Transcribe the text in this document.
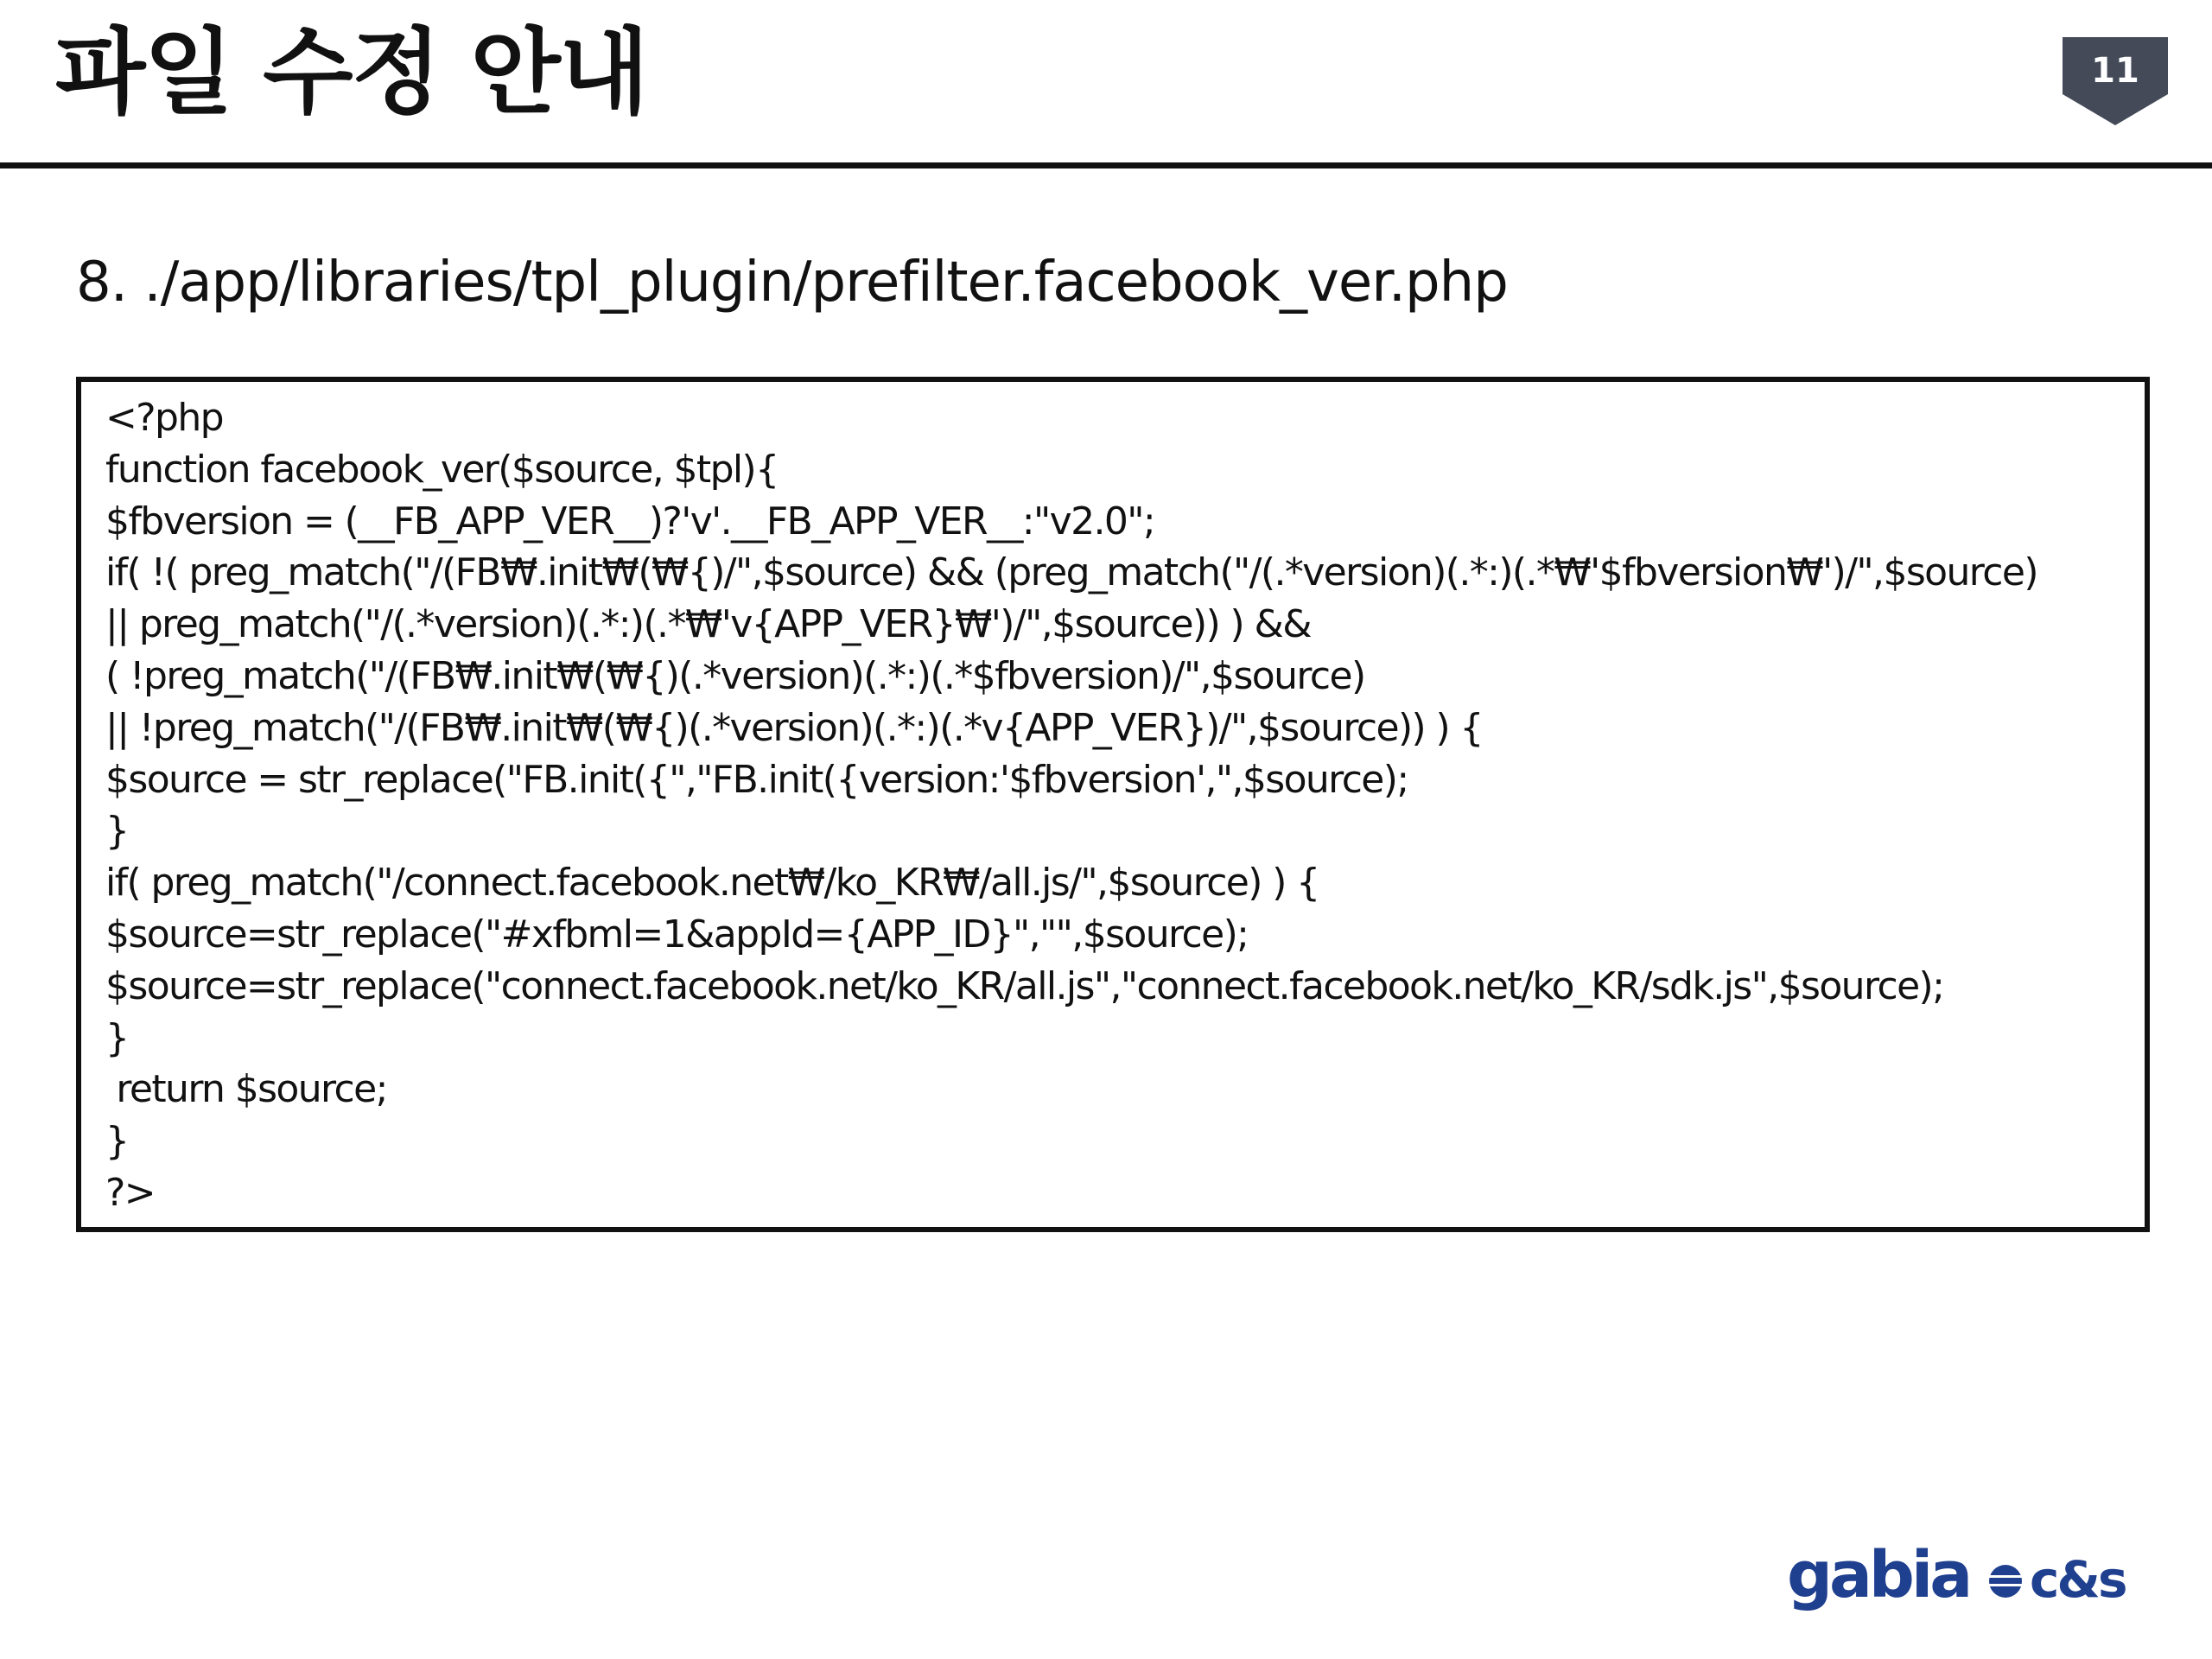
파일 수정 안내	11
8. ./app/libraries/tpl_plugin/prefilter.facebook_ver.php
<?php
function facebook_ver($source, $tpl){
$fbversion = (__FB_APP_VER__)?'v'.__FB_APP_VER__:"v2.0";
if( !( preg_match("/(FB₩.init₩(₩{)/",$source) && (preg_match("/(.*version)(.*:)(.*₩'$fbversion₩')/",$source)
|| preg_match("/(.*version)(.*:)(.*₩'v{APP_VER}₩')/",$source)) ) &&
( !preg_match("/(FB₩.init₩(₩{)(.*version)(.*:)(.*$fbversion)/",$source)
|| !preg_match("/(FB₩.init₩(₩{)(.*version)(.*:)(.*v{APP_VER})/",$source)) ) {
$source = str_replace("FB.init({","FB.init({version:'$fbversion',",$source);
}
if( preg_match("/connect.facebook.net₩/ko_KR₩/all.js/",$source) ) {
$source=str_replace("#xfbml=1&appId={APP_ID}","",$source);
$source=str_replace("connect.facebook.net/ko_KR/all.js","connect.facebook.net/ko_KR/sdk.js",$source);
}
return $source;
}
?>
gabia c&s
